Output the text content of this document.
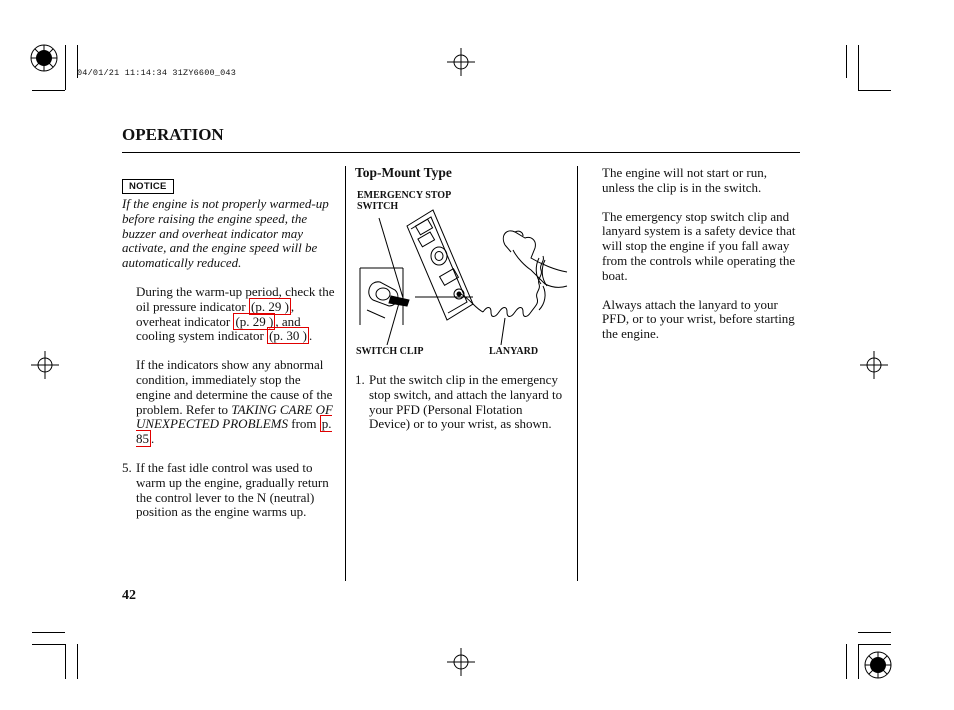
04/01/21 11:14:34 31ZY6600_043
OPERATION
NOTICE

If the engine is not properly warmed-up before raising the engine speed, the buzzer and overheat indicator may activate, and the engine speed will be automatically reduced.

During the warm-up period, check the oil pressure indicator (p. 29 ) , overheat indicator (p. 29 ) , and cooling system indicator (p. 30 ) .

If the indicators show any abnormal condition, immediately stop the engine and determine the cause of the problem. Refer to TAKING CARE OF UNEXPECTED PROBLEMS from p. 85 .

5. If the fast idle control was used to warm up the engine, gradually return the control lever to the N (neutral) position as the engine warms up.
Top-Mount Type
EMERGENCY STOP
SWITCH
SWITCH CLIP	LANYARD
1. Put the switch clip in the emergency stop switch, and attach the lanyard to your PFD (Personal Flotation Device) or to your wrist, as shown.

The engine will not start or run, unless the clip is in the switch.

The emergency stop switch clip and lanyard system is a safety device that will stop the engine if you fall away from the controls while operating the boat.

Always attach the lanyard to your PFD, or to your wrist, before starting the engine.

42
